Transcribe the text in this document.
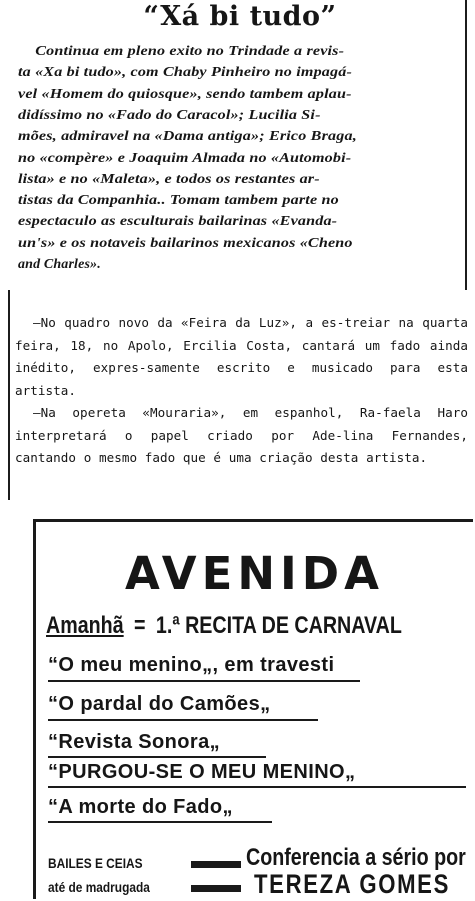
“Xá bi tudo”
Continua em pleno exito no Trindade a revis-
ta «Xa bi tudo», com Chaby Pinheiro no impagá-
vel «Homem do quiosque», sendo tambem aplau-
didíssimo no «Fado do Caracol»; Lucilia Si-
mões, admiravel na «Dama antiga»; Erico Braga,
no «compère» e Joaquim Almada no «Automobi-
lista» e no «Maleta», e todos os restantes ar-
tistas da Companhia.. Tomam tambem parte no
espectaculo as esculturais bailarinas «Evanda-
un's» e os notaveis bailarinos mexicanos «Cheno
and Charles».

—No quadro novo da «Feira da Luz», a es-treiar na quarta feira, 18, no Apolo, Ercilia Costa, cantará um fado ainda inédito, expres-samente escrito e musicado para esta artista.

—Na opereta «Mouraria», em espanhol, Ra-faela Haro interpretará o papel criado por Ade-lina Fernandes, cantando o mesmo fado que é uma criação desta artista.

AVENIDA
Amanhã = 1.ª RECITA DE CARNAVAL
“O meu menino„, em travesti
“O pardal do Camões„
“Revista Sonora„
“PURGOU-SE O MEU MENINO„
“A morte do Fado„
BAILES E CEIAS
até de madrugada
Conferencia a sério por
TEREZA GOMES
